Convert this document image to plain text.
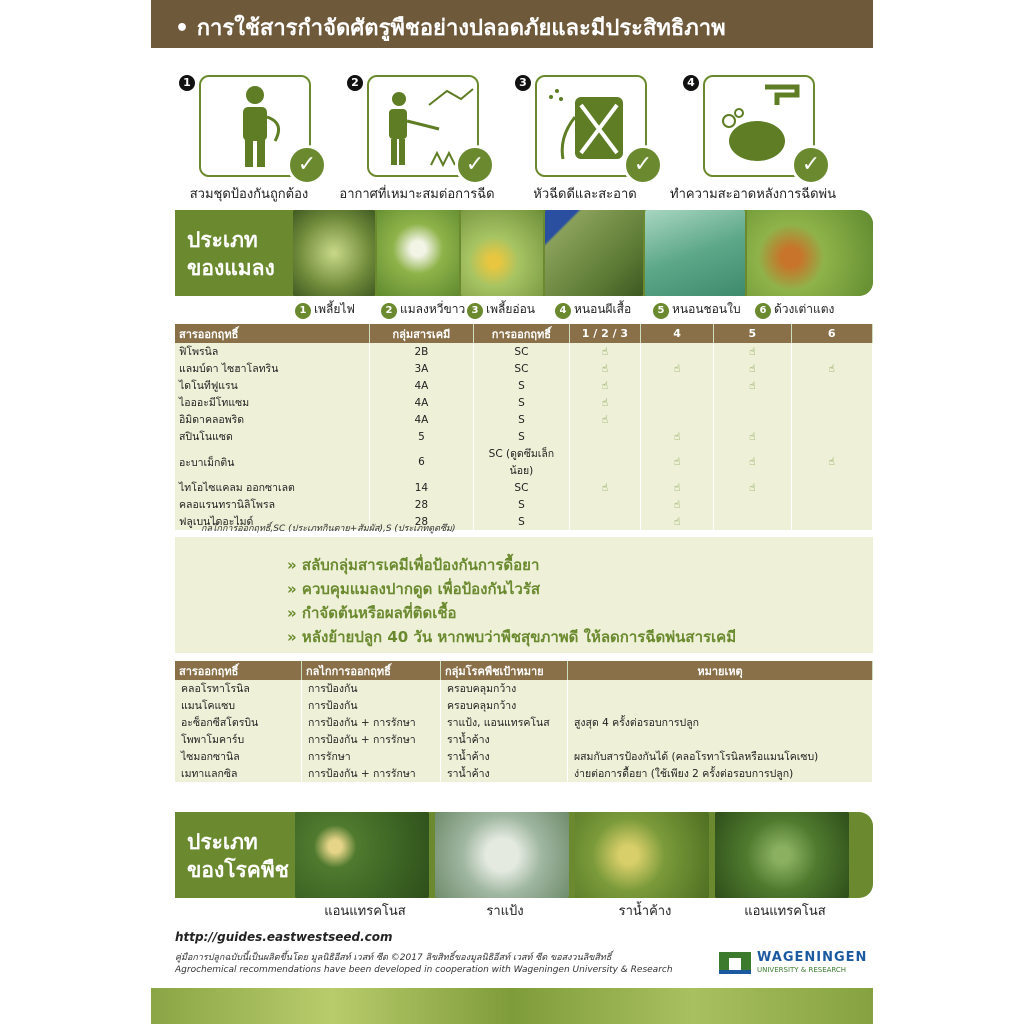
• การใช้สารกำจัดศัตรูพืชอย่างปลอดภัยและมีประสิทธิภาพ
1
✓
สวมชุดป้องกันถูกต้อง
2
✓
อากาศที่เหมาะสมต่อการฉีด
3
✓
หัวฉีดดีและสะอาด
4
✓
ทำความสะอาดหลังการฉีดพ่น
ประเภท
ของแมลง
1 เพลี้ยไฟ	2 แมลงหวี่ขาว 3 เพลี้ยอ่อน	4 หนอนผีเสื้อ	5 หนอนชอนใบ	6 ด้วงเต่าแตง
สารออกฤทธิ์	กลุ่มสารเคมี	การออกฤทธิ์	1 / 2 / 3	4	5	6
ฟิโพรนิล	2B	SC	☝		☝	
แลมบ์ดา ไซฮาโลทริน	3A	SC	☝	☝	☝	☝
ไดโนทีฟูแรน	4A	S	☝		☝	
ไอออะมีโทแซม	4A	S	☝			
อิมิดาคลอพริด	4A	S	☝			
สปินโนแซด	5	S		☝	☝	
อะบาเม็กติน	6	SC (ดูดซึมเล็กน้อย)		☝	☝	☝
ไทโอไซแคลม ออกซาเลต	14	SC	☝	☝	☝	
คลอแรนทรานิลิโพรล	28	S		☝		
ฟลูเบนไดอะไมด์	28	S		☝		
กลไกการออกฤทธิ์,SC (ประเภทกินตาย+สัมผัส),S (ประเภทดูดซึม)
» สลับกลุ่มสารเคมีเพื่อป้องกันการดื้อยา
» ควบคุมแมลงปากดูด เพื่อป้องกันไวรัส
» กำจัดต้นหรือผลที่ติดเชื้อ
» หลังย้ายปลูก 40 วัน หากพบว่าพืชสุขภาพดี ให้ลดการฉีดพ่นสารเคมี
สารออกฤทธิ์	กลไกการออกฤทธิ์	กลุ่มโรคพืชเป้าหมาย	หมายเหตุ
คลอโรทาโรนิล	การป้องกัน	ครอบคลุมกว้าง	
แมนโคแซบ	การป้องกัน	ครอบคลุมกว้าง	
อะซ็อกซีสโตรบิน	การป้องกัน + การรักษา	ราแป้ง, แอนแทรคโนส	สูงสุด 4 ครั้งต่อรอบการปลูก
โพพาโมคาร์บ	การป้องกัน + การรักษา	ราน้ำค้าง	
ไซมอกซานิล	การรักษา	ราน้ำค้าง	ผสมกับสารป้องกันได้ (คลอโรทาโรนิลหรือแมนโคเซบ)
เมทาแลกซิล	การป้องกัน + การรักษา	ราน้ำค้าง	ง่ายต่อการดื้อยา (ใช้เพียง 2 ครั้งต่อรอบการปลูก)
ประเภท
ของโรคพืช
แอนแทรคโนส	ราแป้ง	ราน้ำค้าง	แอนแทรคโนส
http://guides.eastwestseed.com
คู่มือการปลูกฉบับนี้เป็นผลิตขึ้นโดย มูลนิธิอีสท์ เวสท์ ซีด ©2017 ลิขสิทธิ์ของมูลนิธิอีสท์ เวสท์ ซีด ขอสงวนลิขสิทธิ์
Agrochemical recommendations have been developed in cooperation with Wageningen University & Research
WAGENINGEN
UNIVERSITY & RESEARCH
